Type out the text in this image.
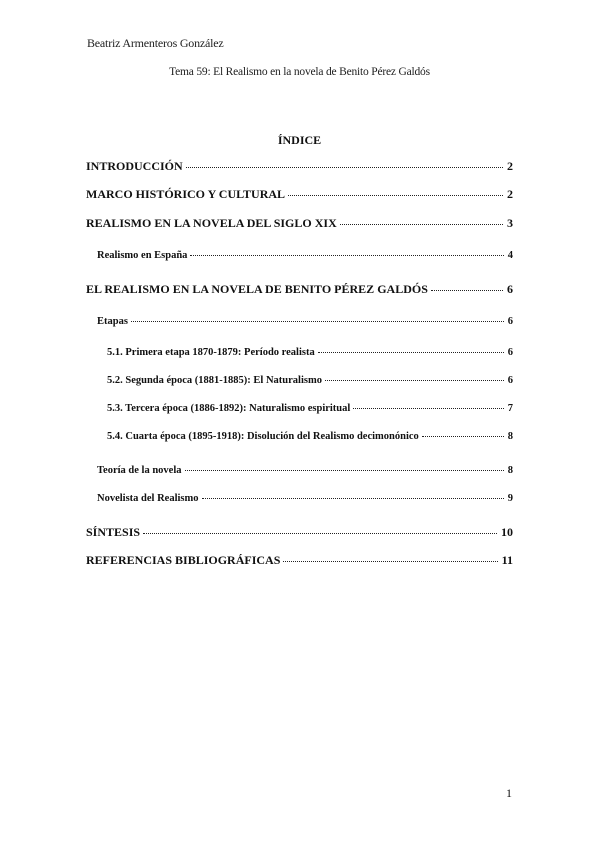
Beatriz Armenteros González
Tema 59: El Realismo en la novela de Benito Pérez Galdós
ÍNDICE
INTRODUCCIÓN	2
MARCO HISTÓRICO Y CULTURAL	2
REALISMO EN LA NOVELA DEL SIGLO XIX	3
Realismo en España	4
EL REALISMO EN LA NOVELA DE BENITO PÉREZ GALDÓS	6
Etapas	6
5.1. Primera etapa 1870-1879: Período realista	6
5.2. Segunda época (1881-1885): El Naturalismo	6
5.3. Tercera época (1886-1892): Naturalismo espiritual	7
5.4. Cuarta época (1895-1918): Disolución del Realismo decimonónico	8
Teoría de la novela	8
Novelista del Realismo	9
SÍNTESIS	10
REFERENCIAS BIBLIOGRÁFICAS	11
1
